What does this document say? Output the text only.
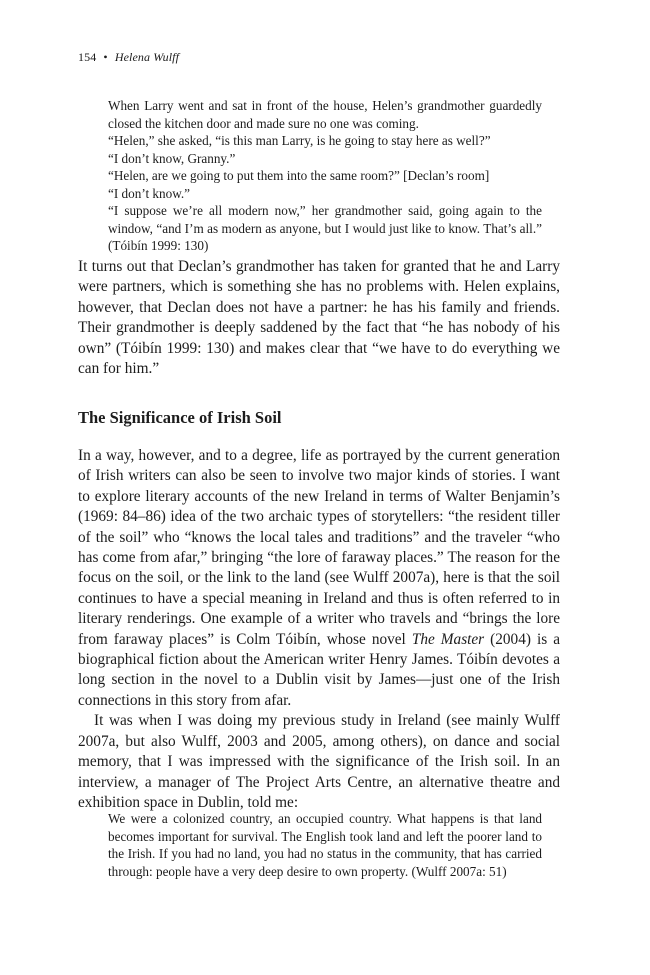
154 • Helena Wulff

When Larry went and sat in front of the house, Helen’s grandmother guardedly closed the kitchen door and made sure no one was coming.

“Helen,” she asked, “is this man Larry, is he going to stay here as well?”

“I don’t know, Granny.”

“Helen, are we going to put them into the same room?” [Declan’s room]

“I don’t know.”

“I suppose we’re all modern now,” her grandmother said, going again to the window, “and I’m as modern as anyone, but I would just like to know. That’s all.” (Tóibín 1999: 130)

It turns out that Declan’s grandmother has taken for granted that he and Larry were partners, which is something she has no problems with. Helen explains, however, that Declan does not have a partner: he has his family and friends. Their grandmother is deeply saddened by the fact that “he has nobody of his own” (Tóibín 1999: 130) and makes clear that “we have to do everything we can for him.”

The Significance of Irish Soil

In a way, however, and to a degree, life as portrayed by the current generation of Irish writers can also be seen to involve two major kinds of stories. I want to explore literary accounts of the new Ireland in terms of Walter Benjamin’s (1969: 84–86) idea of the two archaic types of storytellers: “the resident tiller of the soil” who “knows the local tales and traditions” and the traveler “who has come from afar,” bringing “the lore of faraway places.” The reason for the focus on the soil, or the link to the land (see Wulff 2007a), here is that the soil continues to have a special meaning in Ireland and thus is often referred to in literary renderings. One example of a writer who travels and “brings the lore from faraway places” is Colm Tóibín, whose novel The Master (2004) is a biographical fiction about the American writer Henry James. Tóibín devotes a long section in the novel to a Dublin visit by James—just one of the Irish connections in this story from afar.

It was when I was doing my previous study in Ireland (see mainly Wulff 2007a, but also Wulff, 2003 and 2005, among others), on dance and social memory, that I was impressed with the significance of the Irish soil. In an interview, a manager of The Project Arts Centre, an alternative theatre and exhibition space in Dublin, told me:

We were a colonized country, an occupied country. What happens is that land becomes important for survival. The English took land and left the poorer land to the Irish. If you had no land, you had no status in the community, that has carried through: people have a very deep desire to own property. (Wulff 2007a: 51)
